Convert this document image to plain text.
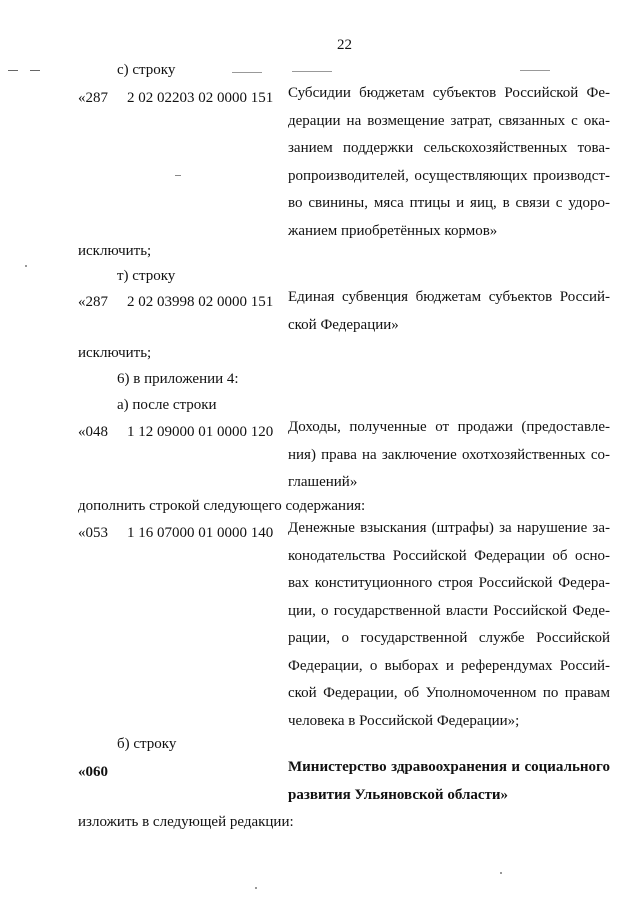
22
с) строку
«287 2 02 02203 02 0000 151 Субсидии бюджетам субъектов Российской Фе-
дерации на возмещение затрат, связанных с ока-
занием поддержки сельскохозяйственных това-
ропроизводителей, осуществляющих производст-
во свинины, мяса птицы и яиц, в связи с удоро-
жанием приобретённых кормов»
исключить;
т) строку
«287 2 02 03998 02 0000 151 Единая субвенция бюджетам субъектов Россий-
ской Федерации»
исключить;
6) в приложении 4:
а) после строки
«048 1 12 09000 01 0000 120 Доходы, полученные от продажи (предоставле-
ния) права на заключение охотхозяйственных со-
глашений»
дополнить строкой следующего содержания:
«053 1 16 07000 01 0000 140 Денежные взыскания (штрафы) за нарушение за-
конодательства Российской Федерации об осно-
вах конституционного строя Российской Федера-
ции, о государственной власти Российской Феде-
рации, о государственной службе Российской
Федерации, о выборах и референдумах Россий-
ской Федерации, об Уполномоченном по правам
человека в Российской Федерации»;
б) строку
«060	Министерство здравоохранения и социального
развития Ульяновской области»
изложить в следующей редакции:
